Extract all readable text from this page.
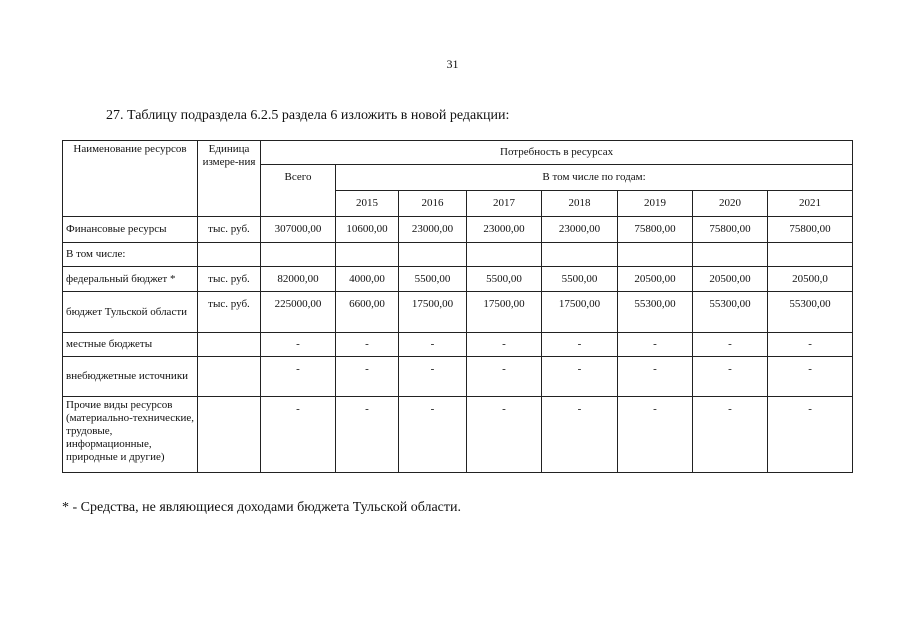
31
27. Таблицу подраздела 6.2.5 раздела 6 изложить в новой редакции:
Наименование ресурсов	Единица измере-ния	Потребность в ресурсах							
		Всего	В том числе по годам:						
			2015	2016	2017	2018	2019	2020	2021
Финансовые ресурсы	тыс. руб.	307000,00	10600,00	23000,00	23000,00	23000,00	75800,00	75800,00	75800,00
В том числе:									
федеральный бюджет *	тыс. руб.	82000,00	4000,00	5500,00	5500,00	5500,00	20500,00	20500,00	20500,0
бюджет Тульской области	тыс. руб.	225000,00	6600,00	17500,00	17500,00	17500,00	55300,00	55300,00	55300,00
местные бюджеты		-	-	-	-	-	-	-	-
внебюджетные источники		-	-	-	-	-	-	-	-
Прочие виды ресурсов (материально-технические, трудовые, информационные, природные и другие)		-	-	-	-	-	-	-	-
* - Средства, не являющиеся доходами бюджета Тульской области.
